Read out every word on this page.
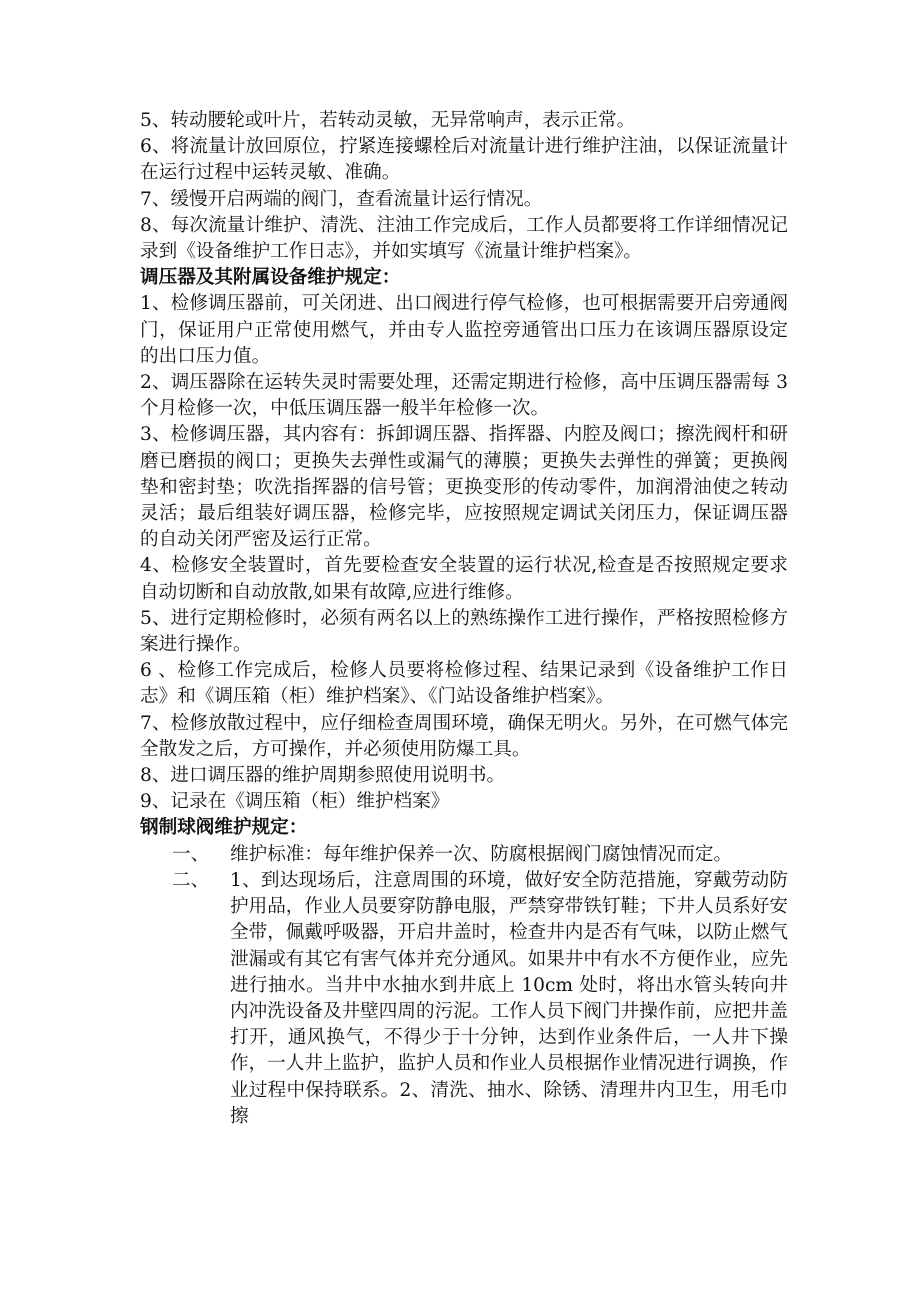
5、转动腰轮或叶片，若转动灵敏，无异常响声，表示正常。

6、将流量计放回原位，拧紧连接螺栓后对流量计进行维护注油，以保证流量计在运行过程中运转灵敏、准确。

7、缓慢开启两端的阀门，查看流量计运行情况。

8、每次流量计维护、清洗、注油工作完成后，工作人员都要将工作详细情况记录到《设备维护工作日志》，并如实填写《流量计维护档案》。

调压器及其附属设备维护规定：

1、检修调压器前，可关闭进、出口阀进行停气检修，也可根据需要开启旁通阀门，保证用户正常使用燃气，并由专人监控旁通管出口压力在该调压器原设定的出口压力值。

2、调压器除在运转失灵时需要处理，还需定期进行检修，高中压调压器需每 3 个月检修一次，中低压调压器一般半年检修一次。

3、检修调压器，其内容有：拆卸调压器、指挥器、内腔及阀口；擦洗阀杆和研磨已磨损的阀口；更换失去弹性或漏气的薄膜；更换失去弹性的弹簧；更换阀垫和密封垫；吹洗指挥器的信号管；更换变形的传动零件，加润滑油使之转动灵活；最后组装好调压器，检修完毕，应按照规定调试关闭压力，保证调压器的自动关闭严密及运行正常。

4、检修安全装置时，首先要检查安全装置的运行状况,检查是否按照规定要求自动切断和自动放散,如果有故障,应进行维修。

5、进行定期检修时，必须有两名以上的熟练操作工进行操作，严格按照检修方案进行操作。

6 、检修工作完成后，检修人员要将检修过程、结果记录到《设备维护工作日志》和《调压箱（柜）维护档案》、《门站设备维护档案》。

7、检修放散过程中，应仔细检查周围环境，确保无明火。另外，在可燃气体完全散发之后，方可操作，并必须使用防爆工具。

8、进口调压器的维护周期参照使用说明书。

9、记录在《调压箱（柜）维护档案》

钢制球阀维护规定：

一、 维护标准：每年维护保养一次、防腐根据阀门腐蚀情况而定。
二、 1、到达现场后，注意周围的环境，做好安全防范措施，穿戴劳动防护用品，作业人员要穿防静电服，严禁穿带铁钉鞋；下井人员系好安全带，佩戴呼吸器，开启井盖时，检查井内是否有气味，以防止燃气泄漏或有其它有害气体并充分通风。如果井中有水不方便作业，应先进行抽水。当井中水抽水到井底上 10cm 处时，将出水管头转向井内冲洗设备及井壁四周的污泥。工作人员下阀门井操作前，应把井盖打开，通风换气，不得少于十分钟，达到作业条件后，一人井下操作，一人井上监护，监护人员和作业人员根据作业情况进行调换，作业过程中保持联系。2、清洗、抽水、除锈、清理井内卫生，用毛巾擦
